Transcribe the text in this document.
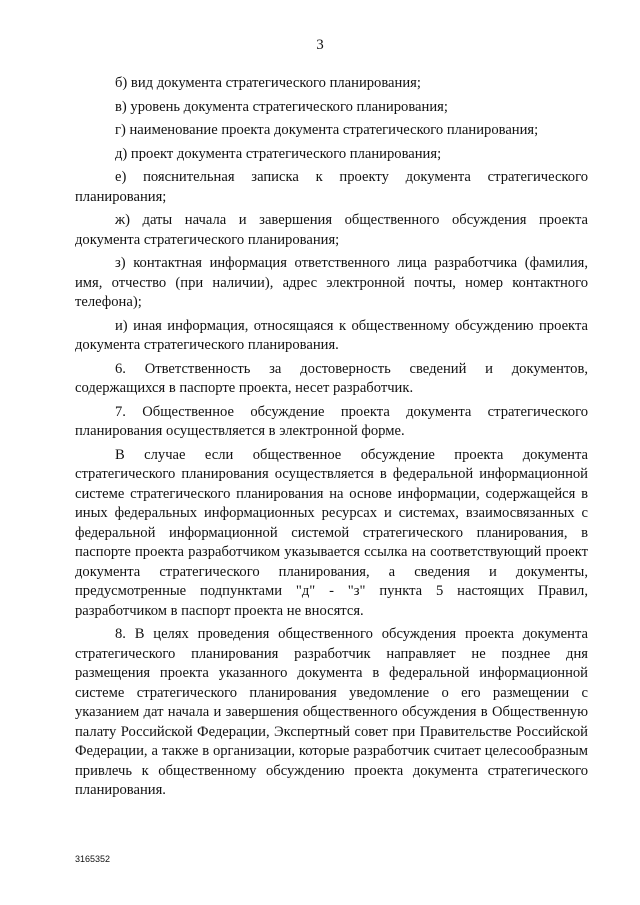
3

б) вид документа стратегического планирования;

в) уровень документа стратегического планирования;

г) наименование проекта документа стратегического планирования;

д) проект документа стратегического планирования;

е) пояснительная записка к проекту документа стратегического планирования;

ж) даты начала и завершения общественного обсуждения проекта документа стратегического планирования;

з) контактная информация ответственного лица разработчика (фамилия, имя, отчество (при наличии), адрес электронной почты, номер контактного телефона);

и) иная информация, относящаяся к общественному обсуждению проекта документа стратегического планирования.

6. Ответственность за достоверность сведений и документов, содержащихся в паспорте проекта, несет разработчик.

7. Общественное обсуждение проекта документа стратегического планирования осуществляется в электронной форме.

В случае если общественное обсуждение проекта документа стратегического планирования осуществляется в федеральной информационной системе стратегического планирования на основе информации, содержащейся в иных федеральных информационных ресурсах и системах, взаимосвязанных с федеральной информационной системой стратегического планирования, в паспорте проекта разработчиком указывается ссылка на соответствующий проект документа стратегического планирования, а сведения и документы, предусмотренные подпунктами "д" - "з" пункта 5 настоящих Правил, разработчиком в паспорт проекта не вносятся.

8. В целях проведения общественного обсуждения проекта документа стратегического планирования разработчик направляет не позднее дня размещения проекта указанного документа в федеральной информационной системе стратегического планирования уведомление о его размещении с указанием дат начала и завершения общественного обсуждения в Общественную палату Российской Федерации, Экспертный совет при Правительстве Российской Федерации, а также в организации, которые разработчик считает целесообразным привлечь к общественному обсуждению проекта документа стратегического планирования.

3165352
